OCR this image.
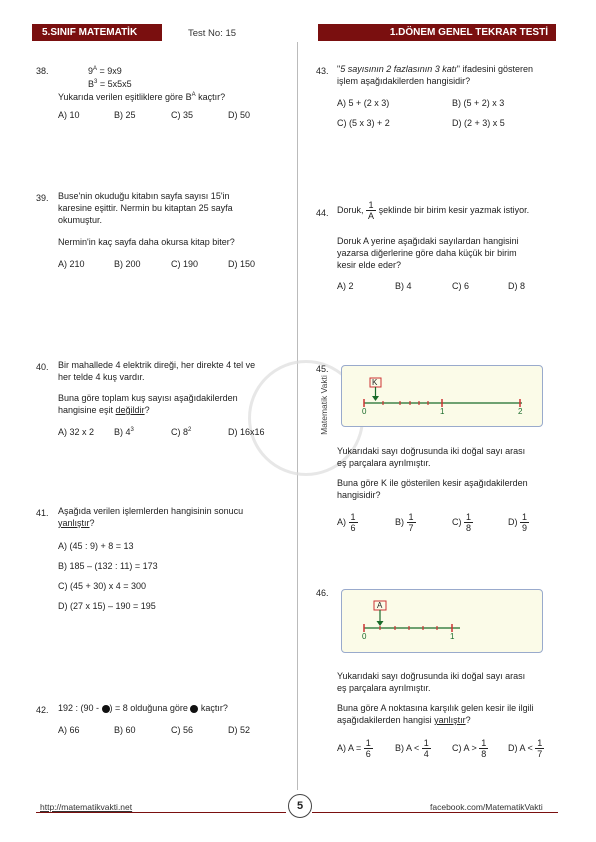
5.SINIF MATEMATİK	Test No: 15	1.DÖNEM GENEL TEKRAR TESTİ
Matematik Vakti
38.	$9^A = 9x9$
$B^3 = 5x5x5$
Yukarıda verilen eşitliklere göre $B^A$ kaçtır?
A) 10	B) 25	C) 35	D) 50
39. Buse'nin okuduğu kitabın sayfa sayısı 15'in
karesine eşittir. Nermin bu kitaptan 25 sayfa
okumuştur.
Nermin'in kaç sayfa daha okursa kitap biter?
A) 210	B) 200	C) 190	D) 150
40. Bir mahallede 4 elektrik direği, her direkte 4 tel ve
her telde 4 kuş vardır.
Buna göre toplam kuş sayısı aşağıdakilerden
hangisine eşit değildir?
A) 32 x 2 B) $4^3$	C) $8^2$	D) 16x16
41. Aşağıda verilen işlemlerden hangisinin sonucu
yanlıştır?
A) (45 : 9) + 8 = 13
B) 185 – (132 : 11) = 173
C) (45 + 30) x 4 = 300
D) (27 x 15) – 190 = 195
42. 192 : (90 - ) = 8 olduğuna göre  kaçtır?
A) 66	B) 60	C) 56	D) 52
43. "5 sayısının 2 fazlasının 3 katı" ifadesini gösteren
işlem aşağıdakilerden hangisidir?
A) 5 + (2 x 3)	B) (5 + 2) x 3
C) (5 x 3) + 2	D) (2 + 3) x 5
44. Doruk, $\frac{1}{A}$ şeklinde bir birim kesir yazmak istiyor.
Doruk A yerine aşağıdaki sayılardan hangisini
yazarsa diğerlerine göre daha küçük bir birim
kesir elde eder?
A) 2	B) 4	C) 6	D) 8
45.
K
0	1	2
Yukarıdaki sayı doğrusunda iki doğal sayı arası
eş parçalara ayrılmıştır.
Buna göre K ile gösterilen kesir aşağıdakilerden
hangisidir?
$A) \frac{1}{6}$	$B) \frac{1}{7}$	$C) \frac{1}{8}$	$D) \frac{1}{9}$
46.
A
0	1
Yukarıdaki sayı doğrusunda iki doğal sayı arası
eş parçalara ayrılmıştır.
Buna göre A noktasına karşılık gelen kesir ile ilgili
aşağıdakilerden hangisi yanlıştır?
A) $A = \frac{1}{6} B$) $A < \frac{1}{4} C$) $A > \frac{1}{8} D$) $A < \frac{1}{7}$
http://matematikvakti.net	5	facebook.com/MatematikVakti
